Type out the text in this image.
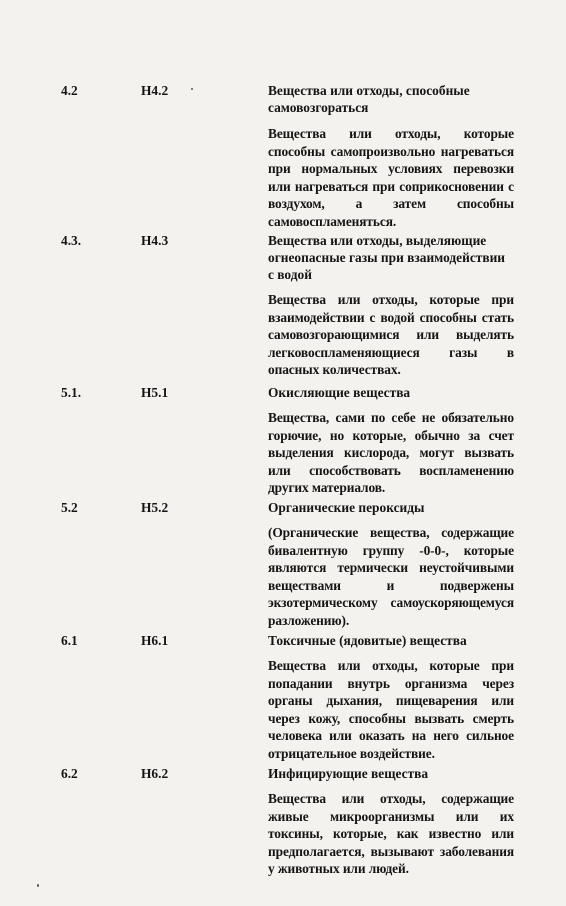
4.2	H4.2	Вещества или отходы, способные самовозгораться
Вещества или отходы, которые способны самопроизвольно нагреваться при нормальных условиях перевозки или нагреваться при соприкосновении с воздухом, а затем способны самовоспламеняться.
4.3.	H4.3	Вещества или отходы, выделяющие огнеопасные газы при взаимодействии с водой
Вещества или отходы, которые при взаимодействии с водой способны стать самовозгорающимися или выделять легковоспламеняющиеся газы в опасных количествах.
5.1.	H5.1	Окисляющие вещества
Вещества, сами по себе не обязательно горючие, но которые, обычно за счет выделения кислорода, могут вызвать или способствовать воспламенению других материалов.
5.2	H5.2	Органические пероксиды
(Органические вещества, содержащие бивалентную группу -0-0-, которые являются термически неустойчивыми веществами и подвержены экзотермическому самоускоряющемуся разложению).
6.1	H6.1	Токсичные (ядовитые) вещества
Вещества или отходы, которые при попадании внутрь организма через органы дыхания, пищеварения или через кожу, способны вызвать смерть человека или оказать на него сильное отрицательное воздействие.
6.2	H6.2	Инфицирующие вещества
Вещества или отходы, содержащие живые микроорганизмы или их токсины, которые, как известно или предполагается, вызывают заболевания у животных или людей.
